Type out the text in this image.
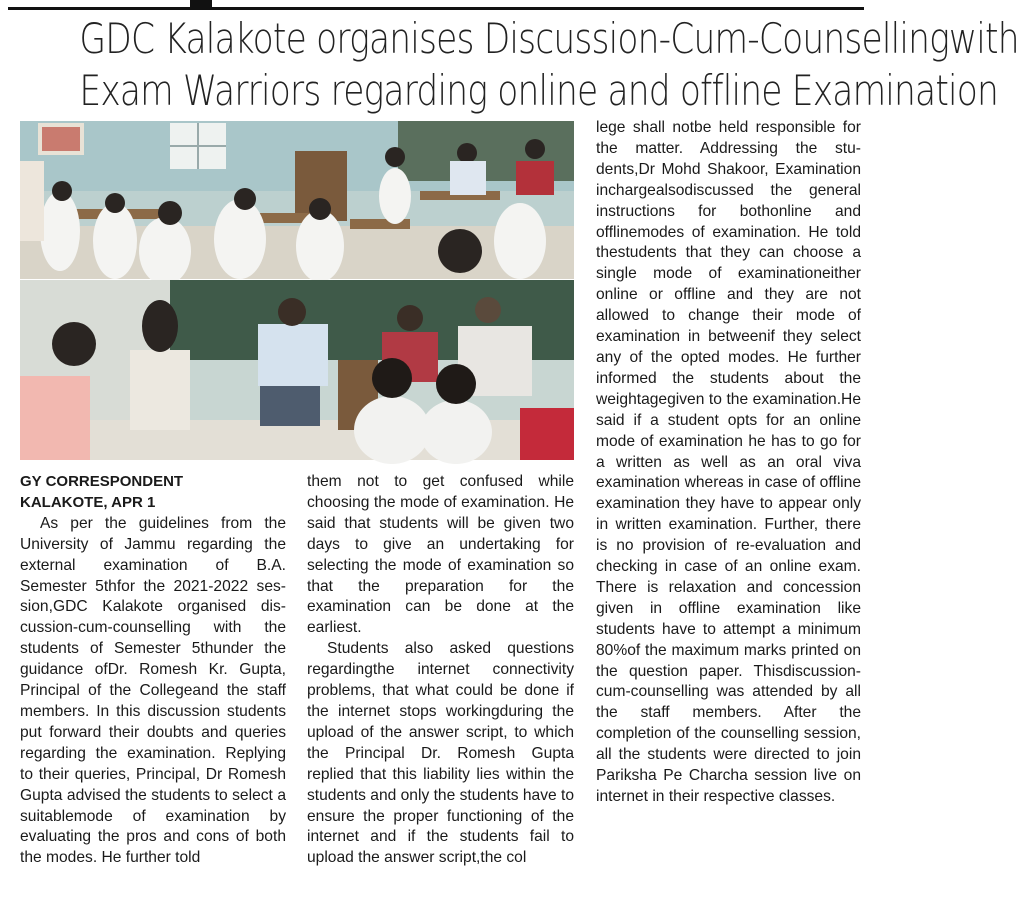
GDC Kalakote organises Discussion-Cum-Counsellingwith
Exam Warriors regarding online and offline Examination
GY CORRESPONDENT
KALAKOTE, APR 1

As per the guidelines from the University of Jammu regarding the external examination of B.A. Semester 5thfor the 2021-2022 session,GDC Kalakote organised discussion-cum-counselling with the students of Semester 5thunder the guidance ofDr. Romesh Kr. Gupta, Principal of the Collegeand the staff members. In this discussion students put forward their doubts and queries regarding the examination. Replying to their queries, Principal, Dr Romesh Gupta advised the students to select a suitablemode of examination by evaluating the pros and cons of both the modes. He further told

them not to get confused while choosing the mode of examination. He said that students will be given two days to give an undertaking for selecting the mode of examination so that the preparation for the examination can be done at the earliest.

Students also asked questions regardingthe internet connectivity problems, that what could be done if the internet stops workingduring the upload of the answer script, to which the Principal Dr. Romesh Gupta replied that this liability lies within the students and only the students have to ensure the proper functioning of the internet and if the students fail to upload the answer script,the col

lege shall notbe held responsible for the matter. Addressing the students,Dr Mohd Shakoor, Examination inchargealsodiscussed the general instructions for bothonline and offlinemodes of examination. He told thestudents that they can choose a single mode of examinationeither online or offline and they are not allowed to change their mode of examination in betweenif they select any of the opted modes. He further informed the students about the weightagegiven to the examination.He said if a student opts for an online mode of examination he has to go for a written as well as an oral viva examination whereas in case of offline examination they have to appear only in written examination. Further, there is no provision of re-evaluation and checking in case of an online exam. There is relaxation and concession given in offline examination like students have to attempt a minimum 80%of the maximum marks printed on the question paper. Thisdiscussion-cum-counselling was attended by all the staff members. After the completion of the counselling session, all the students were directed to join Pariksha Pe Charcha session live on internet in their respective classes.
